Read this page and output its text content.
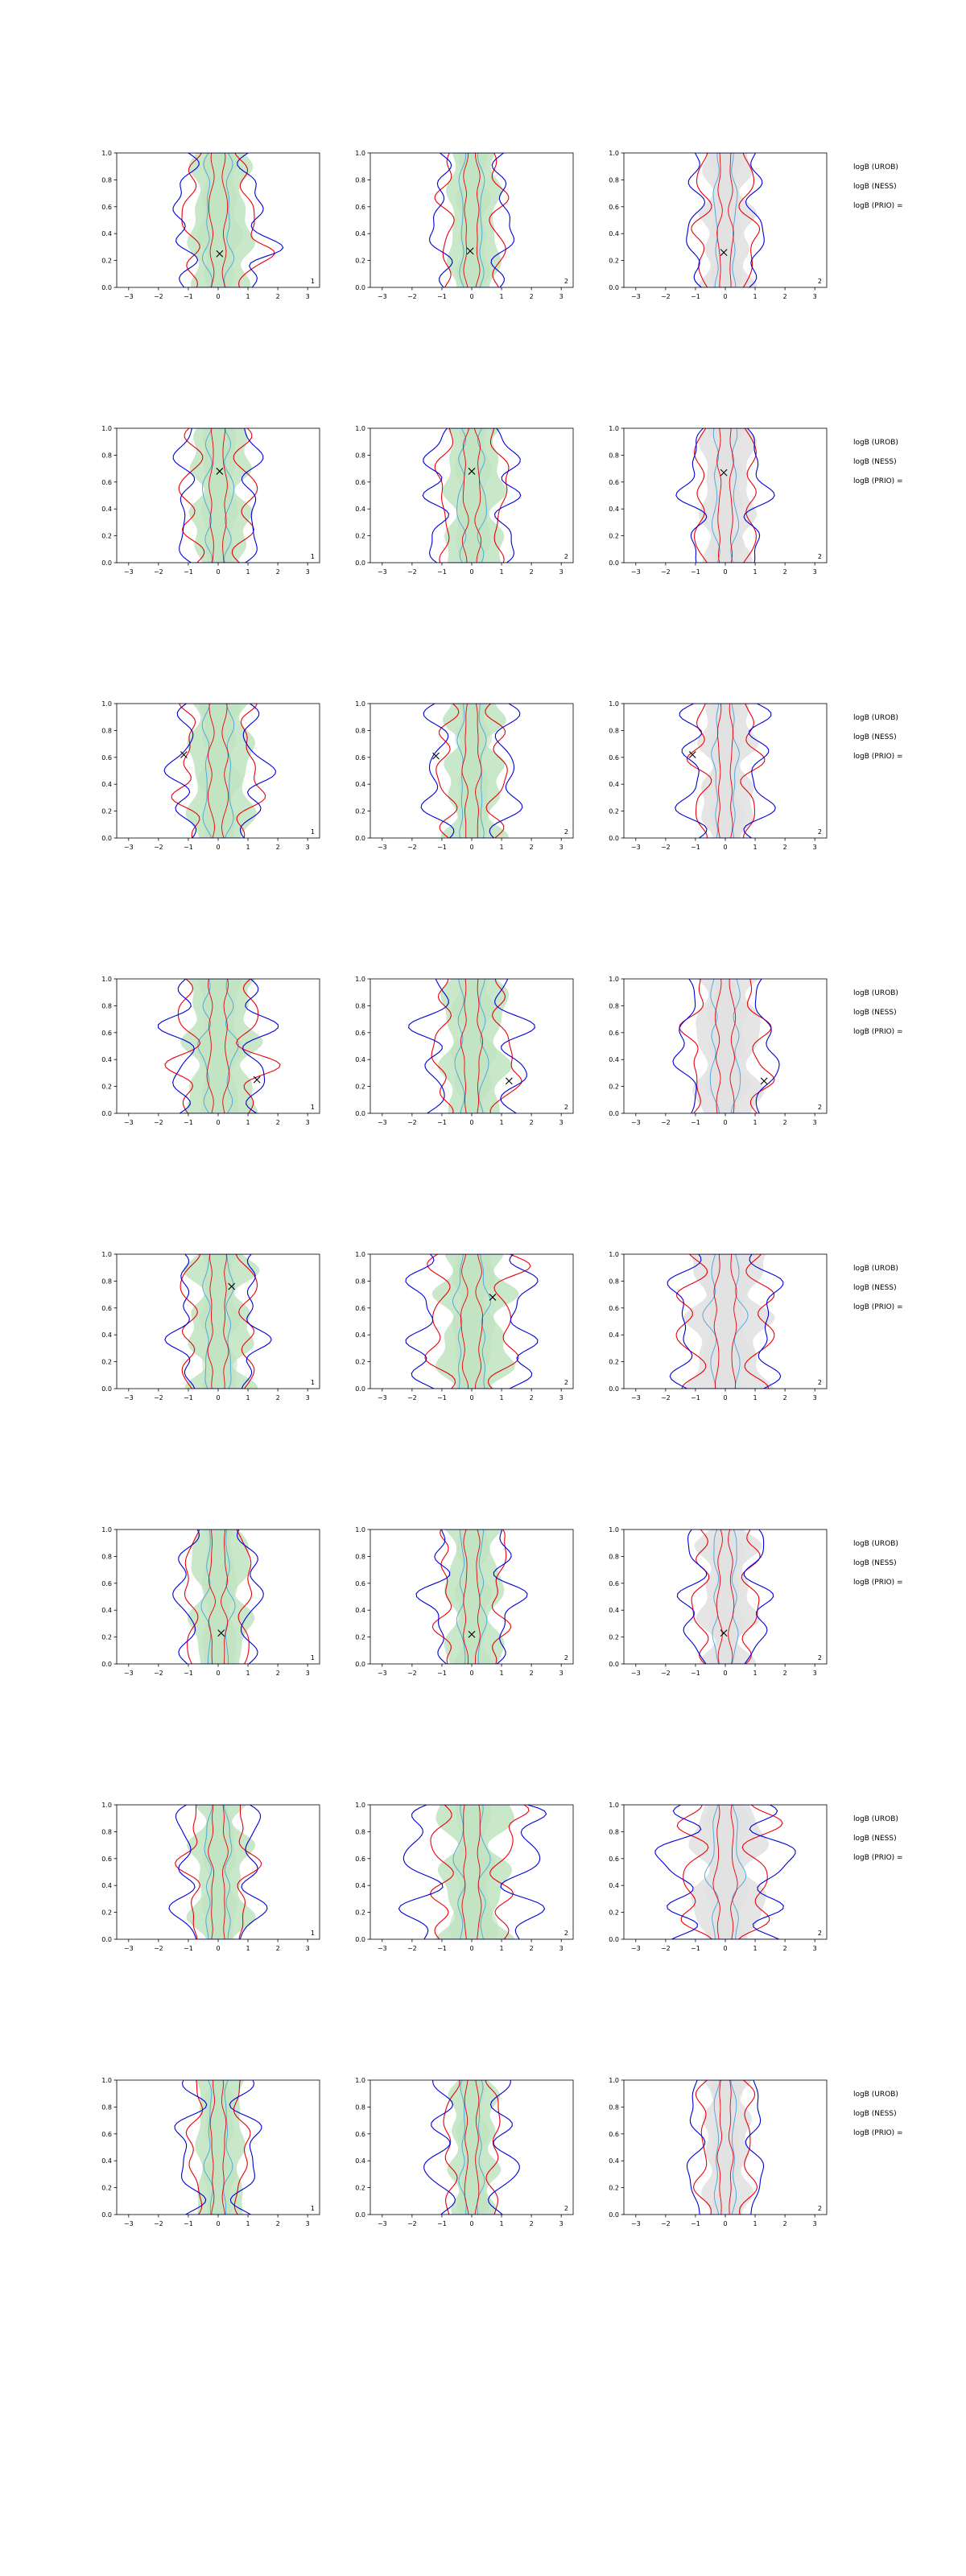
−3	−2	−1	0	1	2	3
0.0
0.2
0.4
0.6
0.8
1.0
1
−3	−2	−1	0	1	2	3
0.0
0.2
0.4
0.6
0.8
1.0
2
−3	−2	−1	0	1	2	3
0.0
0.2
0.4
0.6
0.8
1.0
2
logB (UROB)
logB (NESS)
logB (PRIO) =
−3	−2	−1	0	1	2	3
0.0
0.2
0.4
0.6
0.8
1.0
1
−3	−2	−1	0	1	2	3
0.0
0.2
0.4
0.6
0.8
1.0
2
−3	−2	−1	0	1	2	3
0.0
0.2
0.4
0.6
0.8
1.0
2
logB (UROB)
logB (NESS)
logB (PRIO) =
−3	−2	−1	0	1	2	3
0.0
0.2
0.4
0.6
0.8
1.0
1
−3	−2	−1	0	1	2	3
0.0
0.2
0.4
0.6
0.8
1.0
2
−3	−2	−1	0	1	2	3
0.0
0.2
0.4
0.6
0.8
1.0
2
logB (UROB)
logB (NESS)
logB (PRIO) =
−3	−2	−1	0	1	2	3
0.0
0.2
0.4
0.6
0.8
1.0
1
−3	−2	−1	0	1	2	3
0.0
0.2
0.4
0.6
0.8
1.0
2
−3	−2	−1	0	1	2	3
0.0
0.2
0.4
0.6
0.8
1.0
2
logB (UROB)
logB (NESS)
logB (PRIO) =
−3	−2	−1	0	1	2	3
0.0
0.2
0.4
0.6
0.8
1.0
1
−3	−2	−1	0	1	2	3
0.0
0.2
0.4
0.6
0.8
1.0
2
−3	−2	−1	0	1	2	3
0.0
0.2
0.4
0.6
0.8
1.0
2
logB (UROB)
logB (NESS)
logB (PRIO) =
−3	−2	−1	0	1	2	3
0.0
0.2
0.4
0.6
0.8
1.0
1
−3	−2	−1	0	1	2	3
0.0
0.2
0.4
0.6
0.8
1.0
2
−3	−2	−1	0	1	2	3
0.0
0.2
0.4
0.6
0.8
1.0
2
logB (UROB)
logB (NESS)
logB (PRIO) =
−3	−2	−1	0	1	2	3
0.0
0.2
0.4
0.6
0.8
1.0
1
−3	−2	−1	0	1	2	3
0.0
0.2
0.4
0.6
0.8
1.0
2
−3	−2	−1	0	1	2	3
0.0
0.2
0.4
0.6
0.8
1.0
2
logB (UROB)
logB (NESS)
logB (PRIO) =
−3	−2	−1	0	1	2	3
0.0
0.2
0.4
0.6
0.8
1.0
1
−3	−2	−1	0	1	2	3
0.0
0.2
0.4
0.6
0.8
1.0
2
−3	−2	−1	0	1	2	3
0.0
0.2
0.4
0.6
0.8
1.0
2
logB (UROB)
logB (NESS)
logB (PRIO) =
